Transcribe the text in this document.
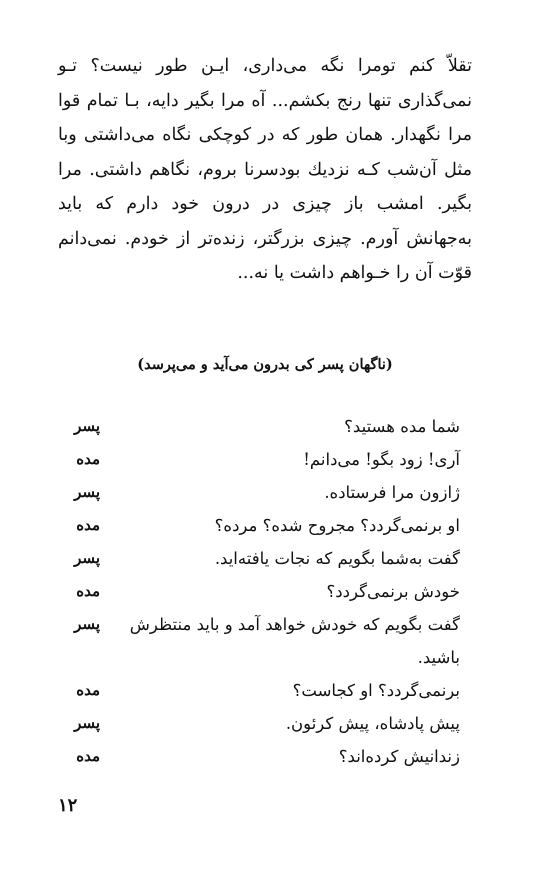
تقلاّ کنم تومرا نگه می‌داری، ایـن طور نیست؟ تـو نمی‌گذاری تنها رنج بکشم... آه مرا بگیر دایه، بـا تمام قوا مرا نگهدار. همان طور که در کوچکی نگاه می‌داشتی وبا مثل آن‌شب کـه نزدیك بودسرنا بروم، نگاهم داشتی. مرا بگیر. امشب باز چیزی در درون خود دارم که باید به‌جهانش آورم. چیزی بزرگتر، زنده‌تر از خودم. نمی‌دانم قوّت آن را خـواهم داشت یا نه...

(ناگهان پسر کی بدرون می‌آید و می‌پرسد)
پسر	شما مده هستید؟
مده	آری! زود بگو! می‌دانم!
پسر	ژازون مرا فرستاده.
مده	او برنمی‌گردد؟ مجروح شده؟ مرده؟
پسر	گفت به‌شما بگویم که نجات یافته‌اید.
مده	خودش برنمی‌گردد؟
پسر	گفت بگویم که خودش خواهد آمد و باید منتظرش باشید.
مده	برنمی‌گردد؟ او کجاست؟
پسر	پیش پادشاه، پیش کرئون.
مده	زندانیش کرده‌اند؟
۱۲
